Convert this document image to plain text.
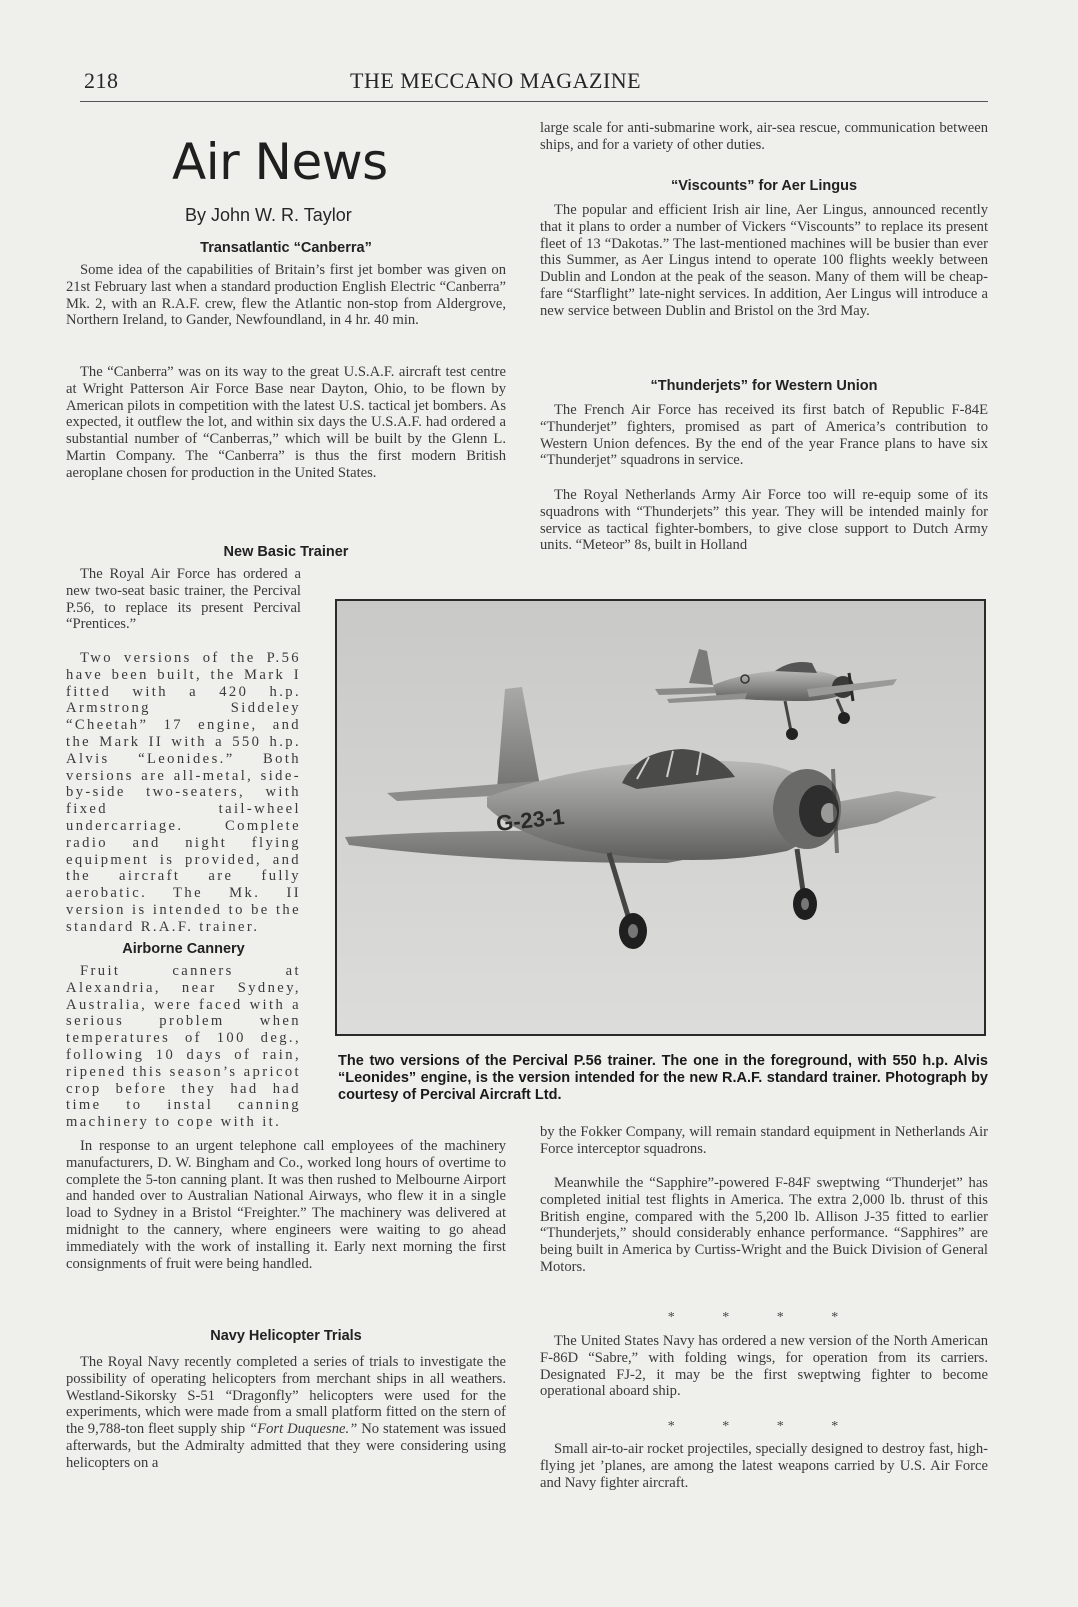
218	THE MECCANO MAGAZINE
Air News
By John W. R. Taylor
Transatlantic “Canberra”
Some idea of the capabilities of Britain’s first jet bomber was given on 21st February last when a standard production English Electric “Canberra” Mk. 2, with an R.A.F. crew, flew the Atlantic non-stop from Aldergrove, Northern Ireland, to Gander, Newfoundland, in 4 hr. 40 min.
The “Canberra” was on its way to the great U.S.A.F. aircraft test centre at Wright Patterson Air Force Base near Dayton, Ohio, to be flown by American pilots in competition with the latest U.S. tactical jet bombers. As expected, it outflew the lot, and within six days the U.S.A.F. had ordered a substantial number of “Canberras,” which will be built by the Glenn L. Martin Company. The “Canberra” is thus the first modern British aeroplane chosen for production in the United States.
New Basic Trainer
The Royal Air Force has ordered a new two-seat basic trainer, the Percival P.56, to replace its present Percival “Prentices.”
Two versions of the P.56 have been built, the Mark I fitted with a 420 h.p. Armstrong Siddeley “Cheetah” 17 engine, and the Mark II with a 550 h.p. Alvis “Leonides.” Both versions are all-metal, side-by-side two-seaters, with fixed tail-wheel undercarriage. Complete radio and night flying equipment is provided, and the aircraft are fully aerobatic. The Mk. II version is intended to be the standard R.A.F. trainer.
Airborne Cannery
Fruit canners at Alexandria, near Sydney, Australia, were faced with a serious problem when temperatures of 100 deg., following 10 days of rain, ripened this season’s apricot crop before they had had time to instal canning machinery to cope with it.
In response to an urgent telephone call employees of the machinery manufacturers, D. W. Bingham and Co., worked long hours of overtime to complete the 5-ton canning plant. It was then rushed to Melbourne Airport and handed over to Australian National Airways, who flew it in a single load to Sydney in a Bristol “Freighter.” The machinery was delivered at midnight to the cannery, where engineers were waiting to go ahead immediately with the work of installing it. Early next morning the first consignments of fruit were being handled.
Navy Helicopter Trials
The Royal Navy recently completed a series of trials to investigate the possibility of operating helicopters from merchant ships in all weathers. Westland-Sikorsky S-51 “Dragonfly” helicopters were used for the experiments, which were made from a small platform fitted on the stern of the 9,788-ton fleet supply ship “Fort Duquesne.” No statement was issued afterwards, but the Admiralty admitted that they were considering using helicopters on a
large scale for anti-submarine work, air-sea rescue, communication between ships, and for a variety of other duties.
“Viscounts” for Aer Lingus
The popular and efficient Irish air line, Aer Lingus, announced recently that it plans to order a number of Vickers “Viscounts” to replace its present fleet of 13 “Dakotas.” The last-mentioned machines will be busier than ever this Summer, as Aer Lingus intend to operate 100 flights weekly between Dublin and London at the peak of the season. Many of them will be cheap-fare “Starflight” late-night services. In addition, Aer Lingus will introduce a new service between Dublin and Bristol on the 3rd May.
“Thunderjets” for Western Union
The French Air Force has received its first batch of Republic F-84E “Thunderjet” fighters, promised as part of America’s contribution to Western Union defences. By the end of the year France plans to have six “Thunderjet” squadrons in service.
The Royal Netherlands Army Air Force too will re-equip some of its squadrons with “Thunderjets” this year. They will be intended mainly for service as tactical fighter-bombers, to give close support to Dutch Army units. “Meteor” 8s, built in Holland
G-23-1
The two versions of the Percival P.56 trainer. The one in the foreground, with 550 h.p. Alvis “Leonides” engine, is the version intended for the new R.A.F. standard trainer. Photograph by courtesy of Percival Aircraft Ltd.
by the Fokker Company, will remain standard equipment in Netherlands Air Force interceptor squadrons.
Meanwhile the “Sapphire”-powered F-84F sweptwing “Thunderjet” has completed initial test flights in America. The extra 2,000 lb. thrust of this British engine, compared with the 5,200 lb. Allison J-35 fitted to earlier “Thunderjets,” should considerably enhance performance. “Sapphires” are being built in America by Curtiss-Wright and the Buick Division of General Motors.
* * * *
The United States Navy has ordered a new version of the North American F-86D “Sabre,” with folding wings, for operation from its carriers. Designated FJ-2, it may be the first sweptwing fighter to become operational aboard ship.
* * * *
Small air-to-air rocket projectiles, specially designed to destroy fast, high-flying jet ’planes, are among the latest weapons carried by U.S. Air Force and Navy fighter aircraft.
